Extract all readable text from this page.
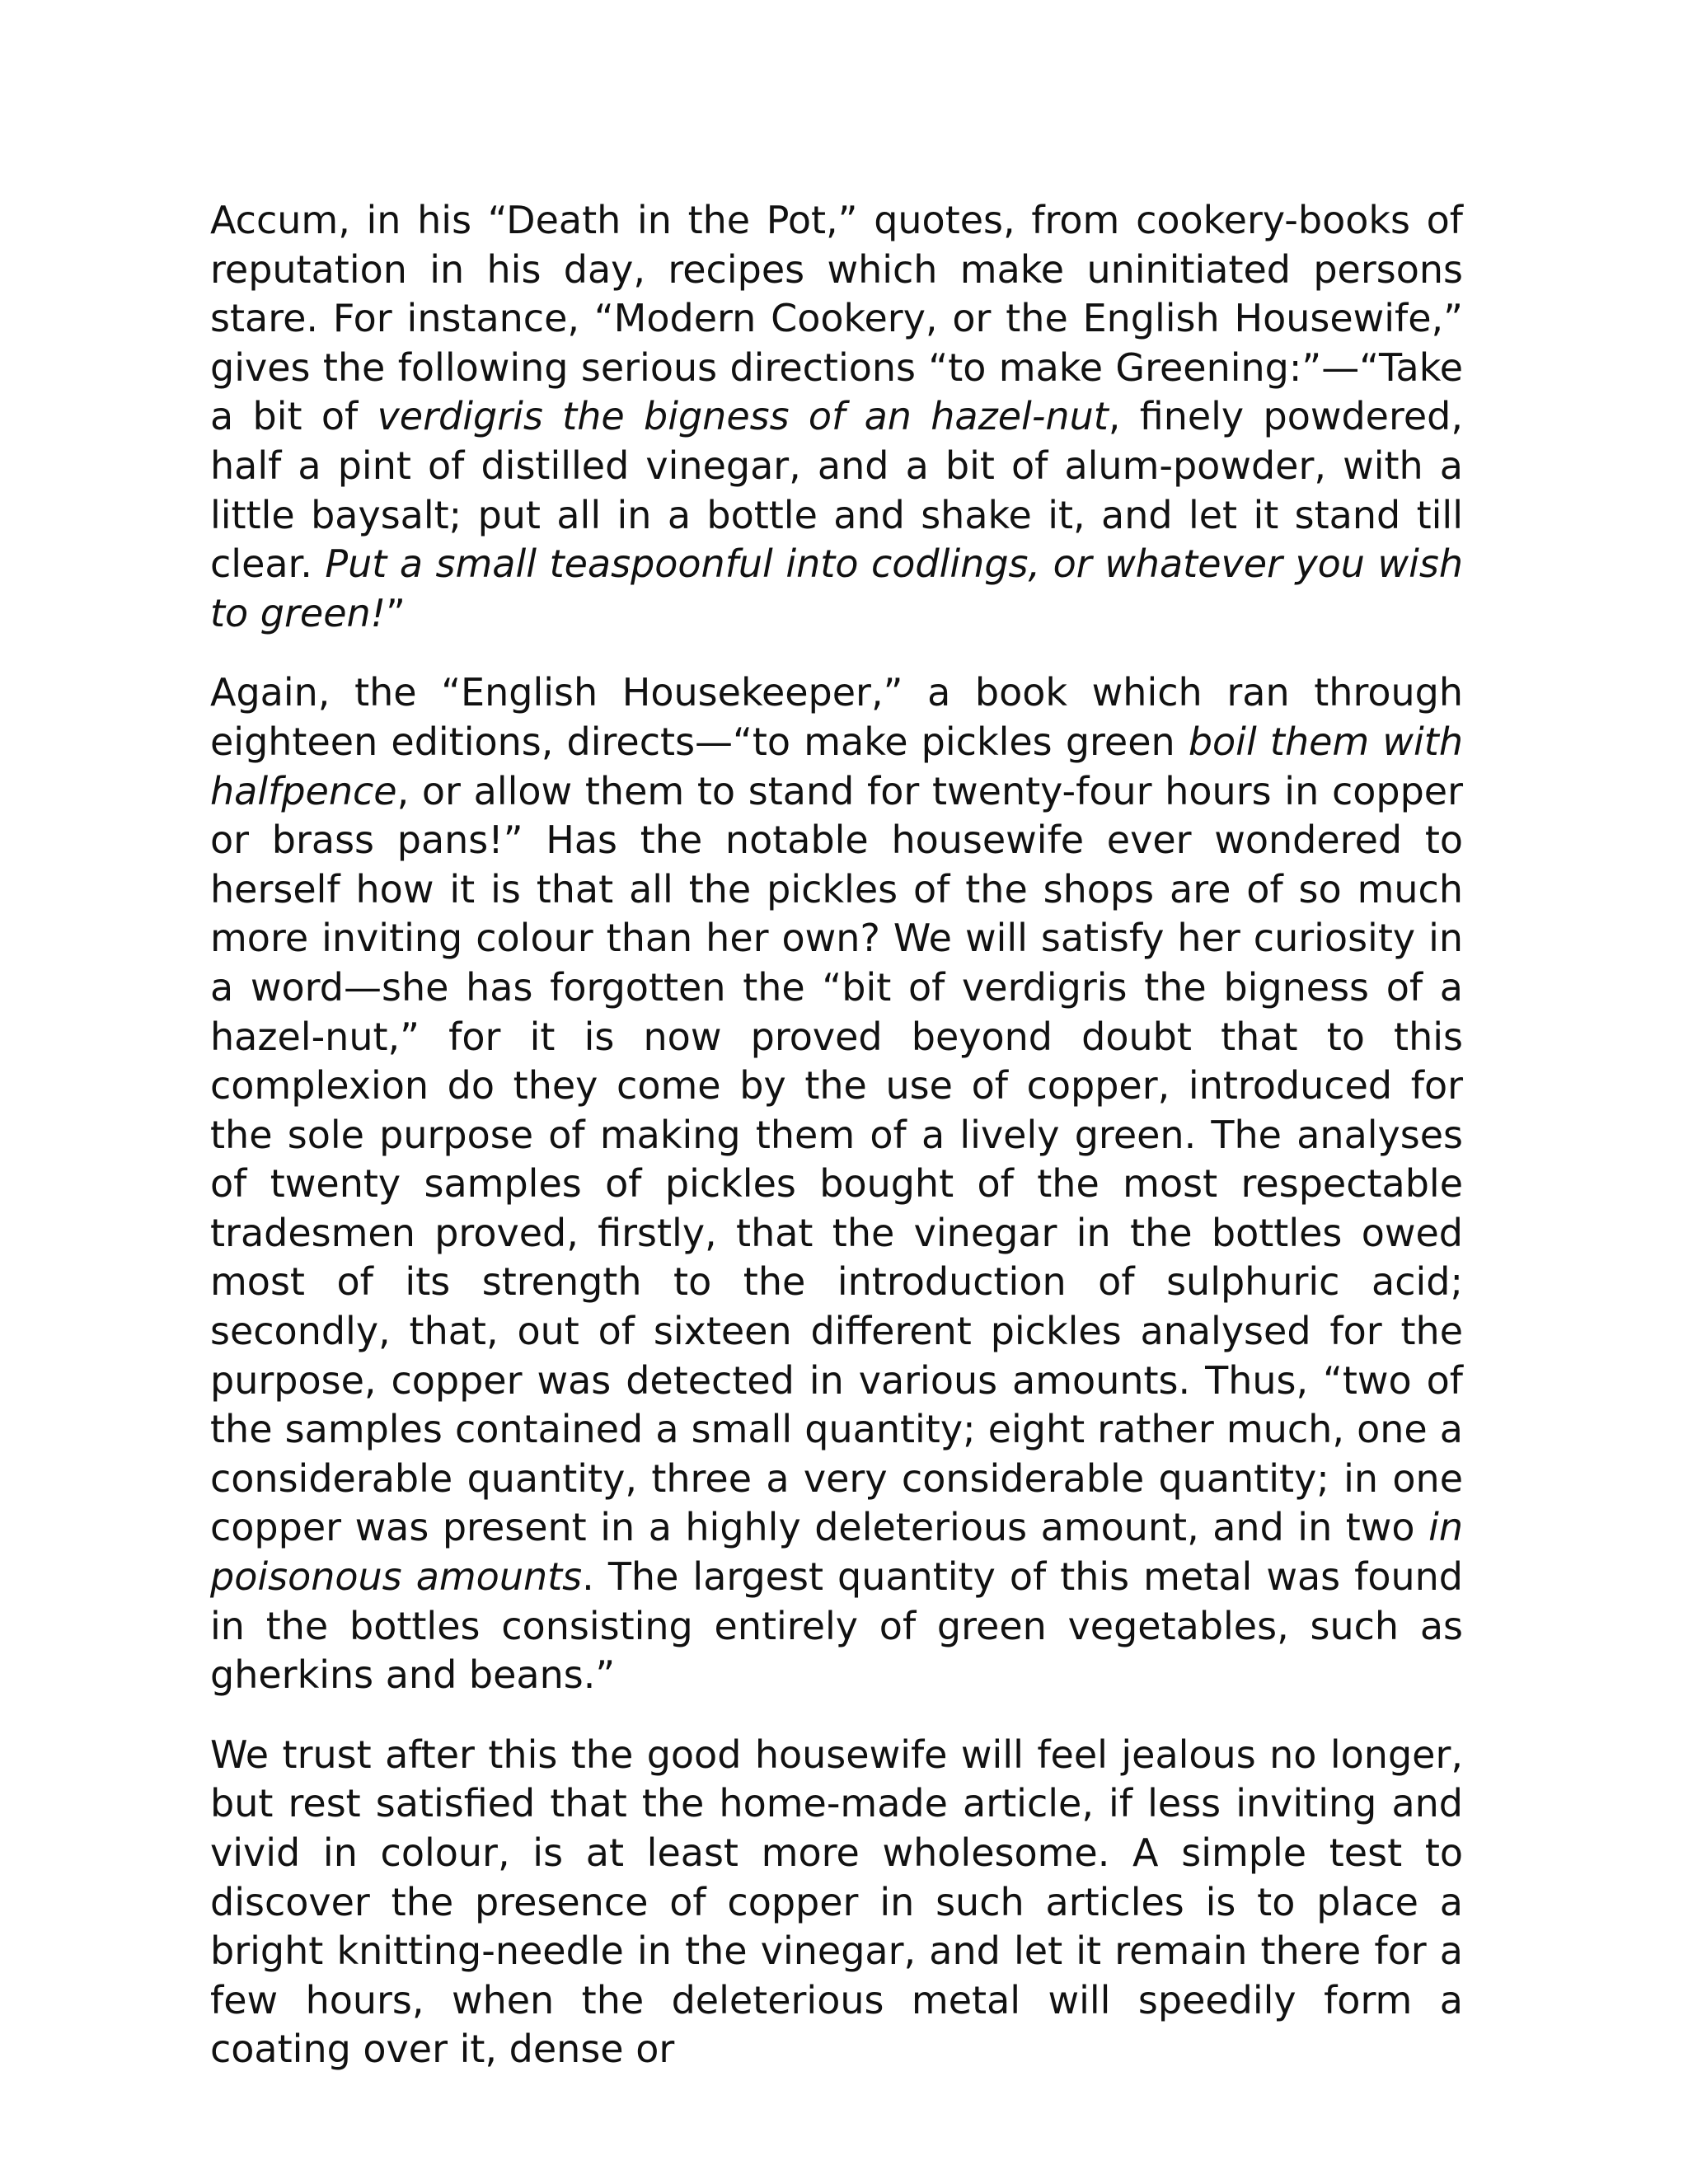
Accum, in his “Death in the Pot,” quotes, from cookery-books of reputation in his day, recipes which make uninitiated persons stare. For instance, “Modern Cookery, or the English Housewife,” gives the following serious directions “to make Greening:”—“Take a bit of verdigris the bigness of an hazel-nut, finely powdered, half a pint of distilled vinegar, and a bit of alum-powder, with a little baysalt; put all in a bottle and shake it, and let it stand till clear. Put a small teaspoonful into codlings, or whatever you wish to green!”

Again, the “English Housekeeper,” a book which ran through eighteen editions, directs—“to make pickles green boil them with halfpence, or allow them to stand for twenty-four hours in copper or brass pans!” Has the notable housewife ever wondered to herself how it is that all the pickles of the shops are of so much more inviting colour than her own? We will satisfy her curiosity in a word—she has forgotten the “bit of verdigris the bigness of a hazel-nut,” for it is now proved beyond doubt that to this complexion do they come by the use of copper, introduced for the sole purpose of making them of a lively green. The analyses of twenty samples of pickles bought of the most respectable tradesmen proved, firstly, that the vinegar in the bottles owed most of its strength to the introduction of sulphuric acid; secondly, that, out of sixteen different pickles analysed for the purpose, copper was detected in various amounts. Thus, “two of the samples contained a small quantity; eight rather much, one a considerable quantity, three a very considerable quantity; in one copper was present in a highly deleterious amount, and in two in poisonous amounts. The largest quantity of this metal was found in the bottles consisting entirely of green vegetables, such as gherkins and beans.”

We trust after this the good housewife will feel jealous no longer, but rest satisfied that the home-made article, if less inviting and vivid in colour, is at least more wholesome. A simple test to discover the presence of copper in such articles is to place a bright knitting-needle in the vinegar, and let it remain there for a few hours, when the deleterious metal will speedily form a coating over it, dense or
